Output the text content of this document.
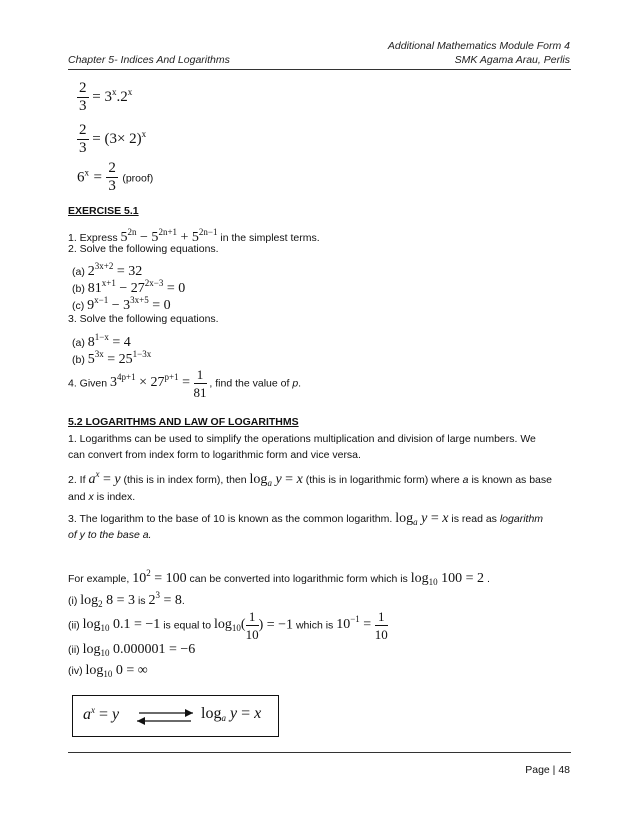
Additional Mathematics Module Form 4
Chapter 5- Indices And Logarithms	SMK Agama Arau, Perlis
$\frac{2}{3} = 3^x.2^x$
$\frac{2}{3} = (3\times 2)^x$
$6^x = \frac{2}{3}$ (proof)
EXERCISE 5.1
1. Express $5^{2n} - 5^{2n+1} + 5^{2n-1}$ in the simplest terms.
2. Solve the following equations.
(a) $2^{3x+2} = 32$
(b) $81^{x+1} - 27^{2x-3} = 0$
(c) $9^{x-1} - 3^{3x+5} = 0$
3. Solve the following equations.
(a) $8^{1-x} = 4$
(b) $5^{3x} = 25^{1-3x}$
4. Given $3^{4p+1} \times 27^{p+1} = \frac{1}{81}$ , find the value of p.
5.2 LOGARITHMS AND LAW OF LOGARITHMS
1. Logarithms can be used to simplify the operations multiplication and division of large numbers. We
can convert from index form to logarithmic form and vice versa.
2. If $a^x = y$ (this is in index form), then $\log_a y = x$ (this is in logarithmic form) where a is known as base
and x is index.
3. The logarithm to the base of 10 is known as the common logarithm. $\log_a y = x$ is read as logarithm
of y to the base a.
For example, $10^2 = 100$ can be converted into logarithmic form which is $\log_{10} 100 = 2$ .
(i) $\log_2 8 = 3$ is $2^3 = 8$.
(ii) $\log_{10} 0.1 = -1$ is equal to $\log_{10}( \frac{1}{10}$ ) = −1 which is $10^{-1} = \frac{1}{10}$
(ii) $\log_{10} 0.000001 = -6$
(iv) $\log_{10} 0$ = ∞
$a^x = y$	$\log_a y = x$
Page | 48
